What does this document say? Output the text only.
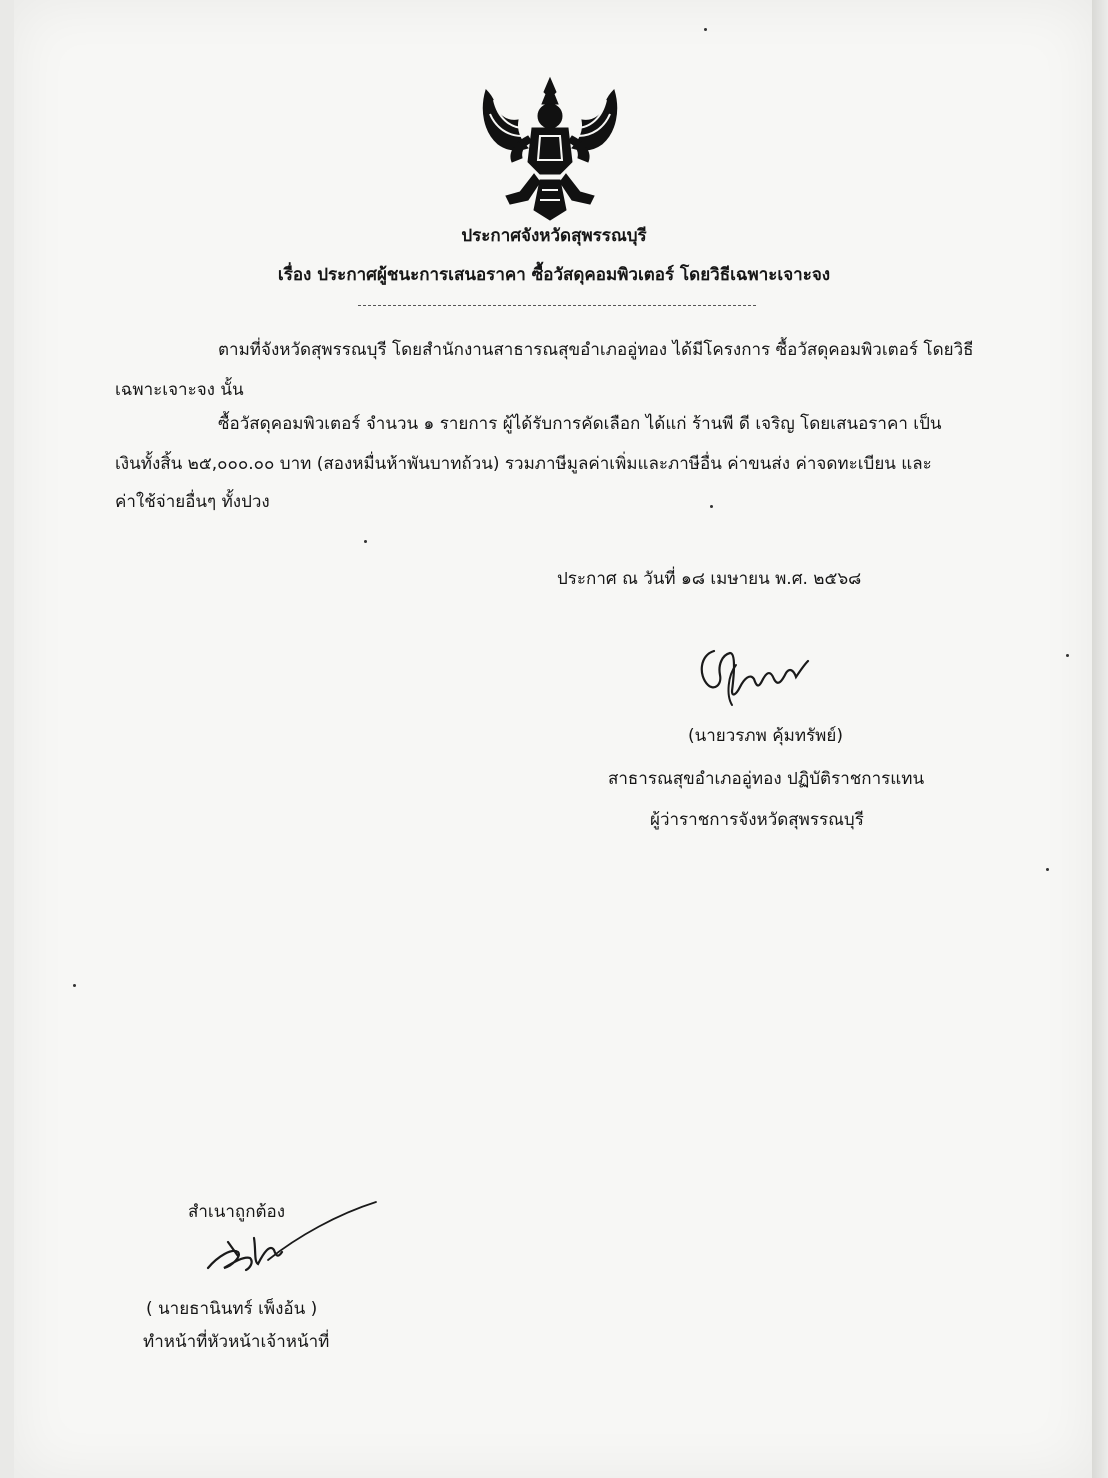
ประกาศจังหวัดสุพรรณบุรี
เรื่อง ประกาศผู้ชนะการเสนอราคา ซื้อวัสดุคอมพิวเตอร์ โดยวิธีเฉพาะเจาะจง
ตามที่จังหวัดสุพรรณบุรี โดยสำนักงานสาธารณสุขอำเภออู่ทอง ได้มีโครงการ ซื้อวัสดุคอมพิวเตอร์ โดยวิธี
เฉพาะเจาะจง นั้น
ซื้อวัสดุคอมพิวเตอร์ จำนวน ๑ รายการ ผู้ได้รับการคัดเลือก ได้แก่ ร้านพี ดี เจริญ โดยเสนอราคา เป็น
เงินทั้งสิ้น ๒๕,๐๐๐.๐๐ บาท (สองหมื่นห้าพันบาทถ้วน) รวมภาษีมูลค่าเพิ่มและภาษีอื่น ค่าขนส่ง ค่าจดทะเบียน และ
ค่าใช้จ่ายอื่นๆ ทั้งปวง
ประกาศ ณ วันที่ ๑๘ เมษายน พ.ศ. ๒๕๖๘
(นายวรภพ คุ้มทรัพย์)
สาธารณสุขอำเภออู่ทอง ปฏิบัติราชการแทน
ผู้ว่าราชการจังหวัดสุพรรณบุรี
สำเนาถูกต้อง
( นายธานินทร์ เพ็งอ้น )
ทำหน้าที่หัวหน้าเจ้าหน้าที่
